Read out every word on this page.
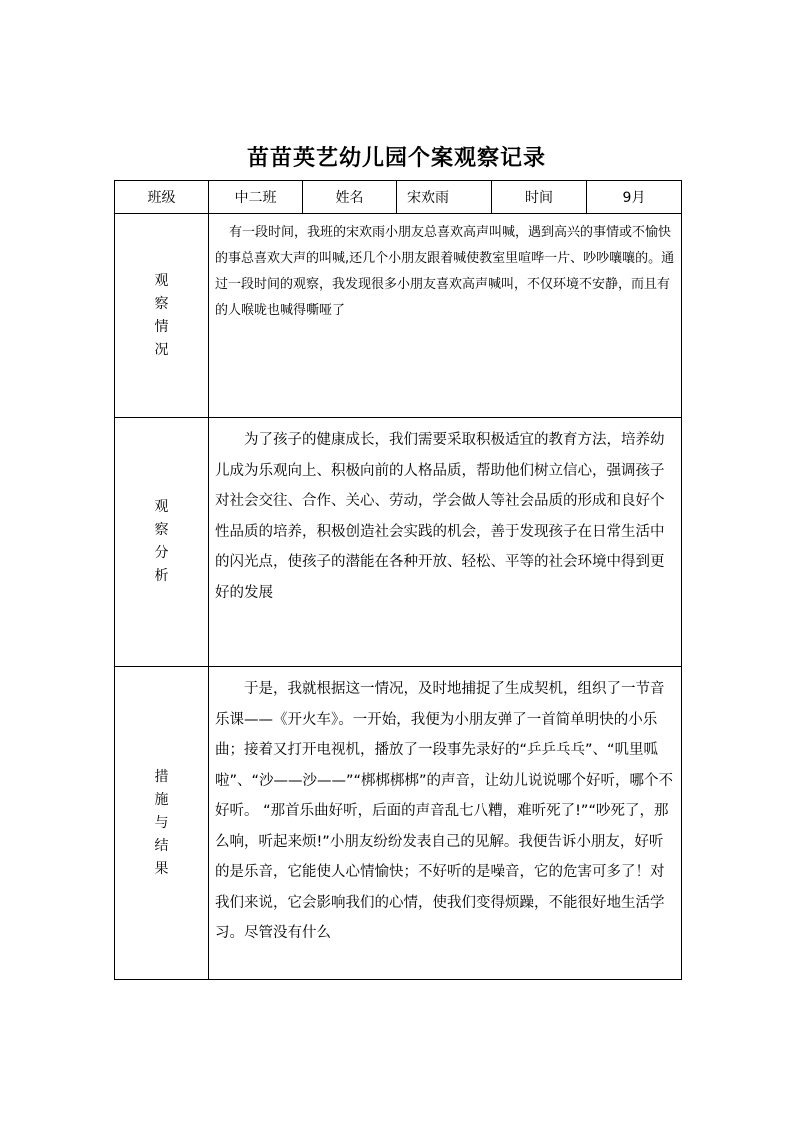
苗苗英艺幼儿园个案观察记录
班级	中二班	姓名	宋欢雨	时间	9月
观察情况	有一段时间，我班的宋欢雨小朋友总喜欢高声叫喊，遇到高兴的事情或不愉快的事总喜欢大声的叫喊,还几个小朋友跟着喊使教室里喧哗一片、吵吵嚷嚷的。通过一段时间的观察，我发现很多小朋友喜欢高声喊叫，不仅环境不安静，而且有的人喉咙也喊得嘶哑了				

观察分析	为了孩子的健康成长，我们需要采取积极适宜的教育方法，培养幼儿成为乐观向上、积极向前的人格品质，帮助他们树立信心，强调孩子对社会交往、合作、关心、劳动，学会做人等社会品质的形成和良好个性品质的培养，积极创造社会实践的机会，善于发现孩子在日常生活中的闪光点，使孩子的潜能在各种开放、轻松、平等的社会环境中得到更好的发展				

措施与结果	于是，我就根据这一情况，及时地捕捉了生成契机，组织了一节音乐课——《开火车》。一开始，我便为小朋友弹了一首简单明快的小乐曲；接着又打开电视机，播放了一段事先录好的“乒乒乓乓”、“叽里呱啦”、“沙——沙——”“梆梆梆梆”的声音，让幼儿说说哪个好听，哪个不好听。 “那首乐曲好听，后面的声音乱七八糟，难听死了!”“吵死了，那么响，听起来烦!”小朋友纷纷发表自己的见解。我便告诉小朋友，好听的是乐音，它能使人心情愉快；不好听的是噪音，它的危害可多了！对我们来说，它会影响我们的心情，使我们变得烦躁，不能很好地生活学习。尽管没有什么				
